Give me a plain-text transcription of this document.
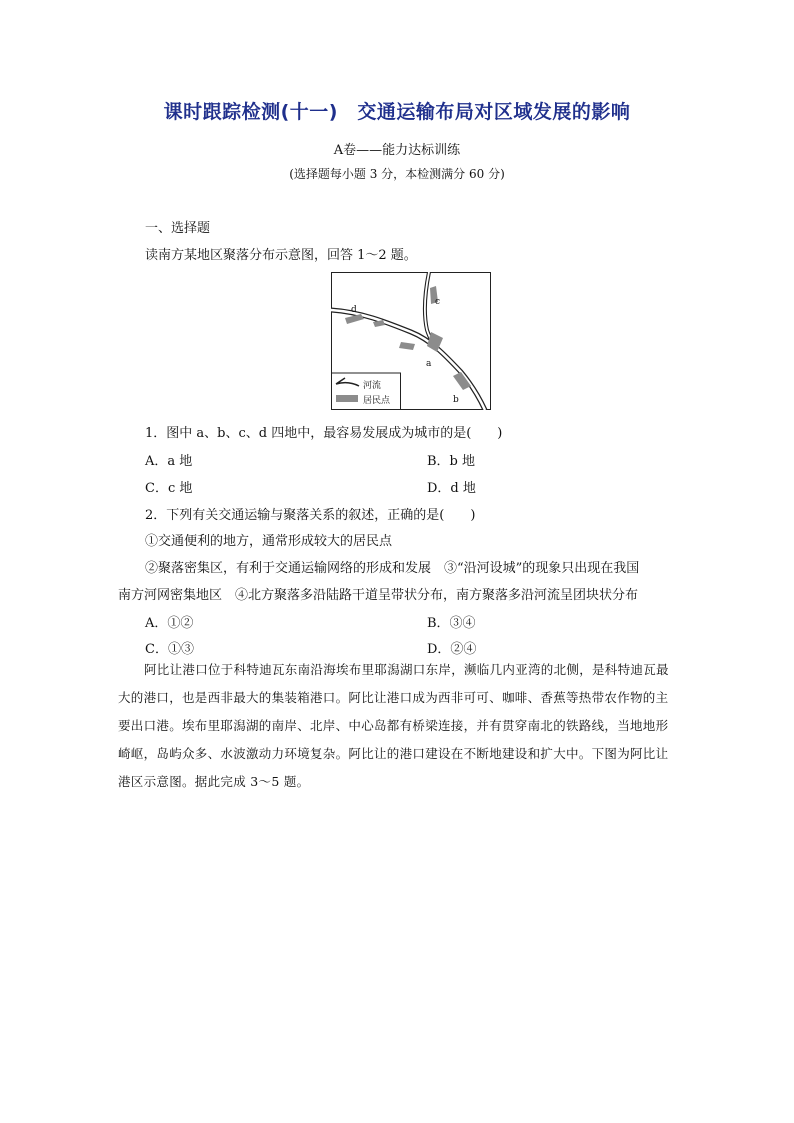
课时跟踪检测(十一)　交通运输布局对区域发展的影响
A卷——能力达标训练
(选择题每小题 3 分，本检测满分 60 分)
一、选择题
读南方某地区聚落分布示意图，回答 1～2 题。
a
b
c
d
河流
居民点
1．图中 a、b、c、d 四地中，最容易发展成为城市的是(　　)
A．a 地	B．b 地
C．c 地	D．d 地
2．下列有关交通运输与聚落关系的叙述，正确的是(　　)
①交通便利的地方，通常形成较大的居民点
②聚落密集区，有利于交通运输网络的形成和发展　③“沿河设城”的现象只出现在我国
南方河网密集地区　④北方聚落多沿陆路干道呈带状分布，南方聚落多沿河流呈团块状分布
A．①②	B．③④
C．①③	D．②④
阿比让港口位于科特迪瓦东南沿海埃布里耶潟湖口东岸，濒临几内亚湾的北侧，是科特迪瓦最大的港口，也是西非最大的集装箱港口。阿比让港口成为西非可可、咖啡、香蕉等热带农作物的主要出口港。埃布里耶潟湖的南岸、北岸、中心岛都有桥梁连接，并有贯穿南北的铁路线，当地地形崎岖，岛屿众多、水波激动力环境复杂。阿比让的港口建设在不断地建设和扩大中。下图为阿比让港区示意图。据此完成 3～5 题。
